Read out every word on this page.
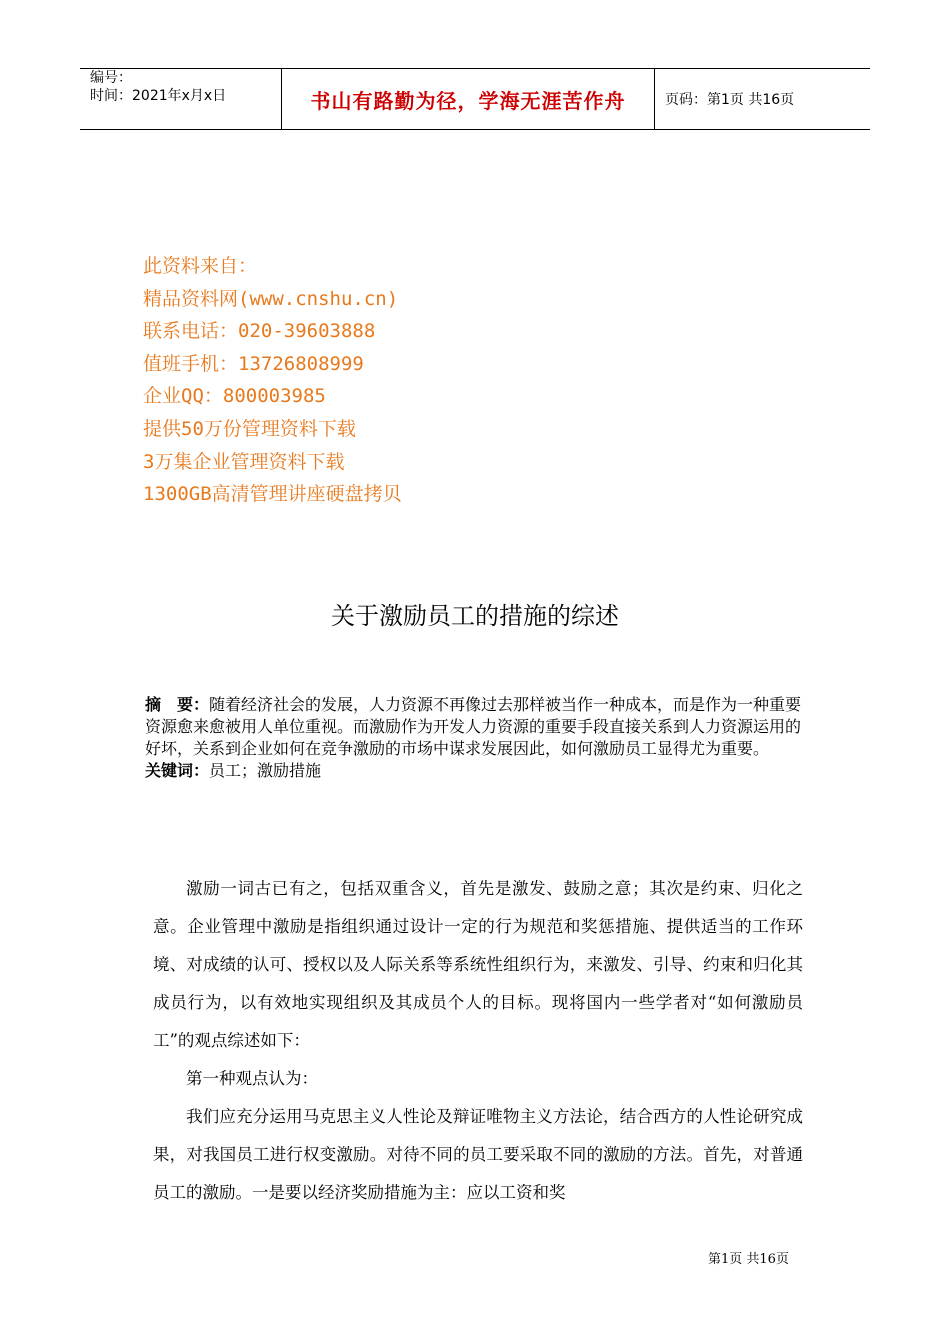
编号：
时间：2021年x月x日	书山有路勤为径，学海无涯苦作舟	页码：第1页 共16页
此资料来自：
精品资料网(www.cnshu.cn)
联系电话：020-39603888
值班手机：13726808999
企业QQ：800003985
提供50万份管理资料下载
3万集企业管理资料下载
1300GB高清管理讲座硬盘拷贝
关于激励员工的措施的综述

摘　要：随着经济社会的发展，人力资源不再像过去那样被当作一种成本，而是作为一种重要资源愈来愈被用人单位重视。而激励作为开发人力资源的重要手段直接关系到人力资源运用的好坏，关系到企业如何在竞争激励的市场中谋求发展因此，如何激励员工显得尤为重要。

关键词：员工；激励措施

激励一词古已有之，包括双重含义，首先是激发、鼓励之意；其次是约束、归化之意。企业管理中激励是指组织通过设计一定的行为规范和奖惩措施、提供适当的工作环境、对成绩的认可、授权以及人际关系等系统性组织行为，来激发、引导、约束和归化其成员行为，以有效地实现组织及其成员个人的目标。现将国内一些学者对“如何激励员工”的观点综述如下：

第一种观点认为：

我们应充分运用马克思主义人性论及辩证唯物主义方法论，结合西方的人性论研究成果，对我国员工进行权变激励。对待不同的员工要采取不同的激励的方法。首先，对普通员工的激励。一是要以经济奖励措施为主：应以工资和奖

第1页 共16页
